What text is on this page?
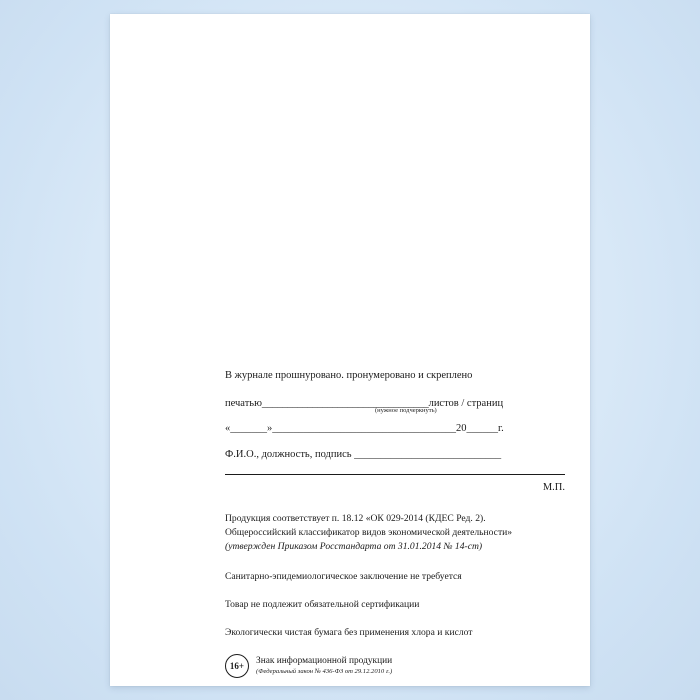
В журнале прошнуровано. пронумеровано и скреплено
печатью_________________________________листов / страниц
(нужное подчеркнуть)
«_______»___________________________________20______г.
Ф.И.О., должность, подпись ____________________________
М.П.
Продукция соответствует п. 18.12 «ОК 029-2014 (КДЕС Ред. 2).
Общероссийский классификатор видов экономической деятельности»
(утвержден Приказом Росстандарта от 31.01.2014 № 14-ст)
Санитарно-эпидемиологическое заключение не требуется
Товар не подлежит обязательной сертификации
Экологически чистая бумага без применения хлора и кислот
16+
Знак информационной продукции
(Федеральный закон № 436-ФЗ от 29.12.2010 г.)
